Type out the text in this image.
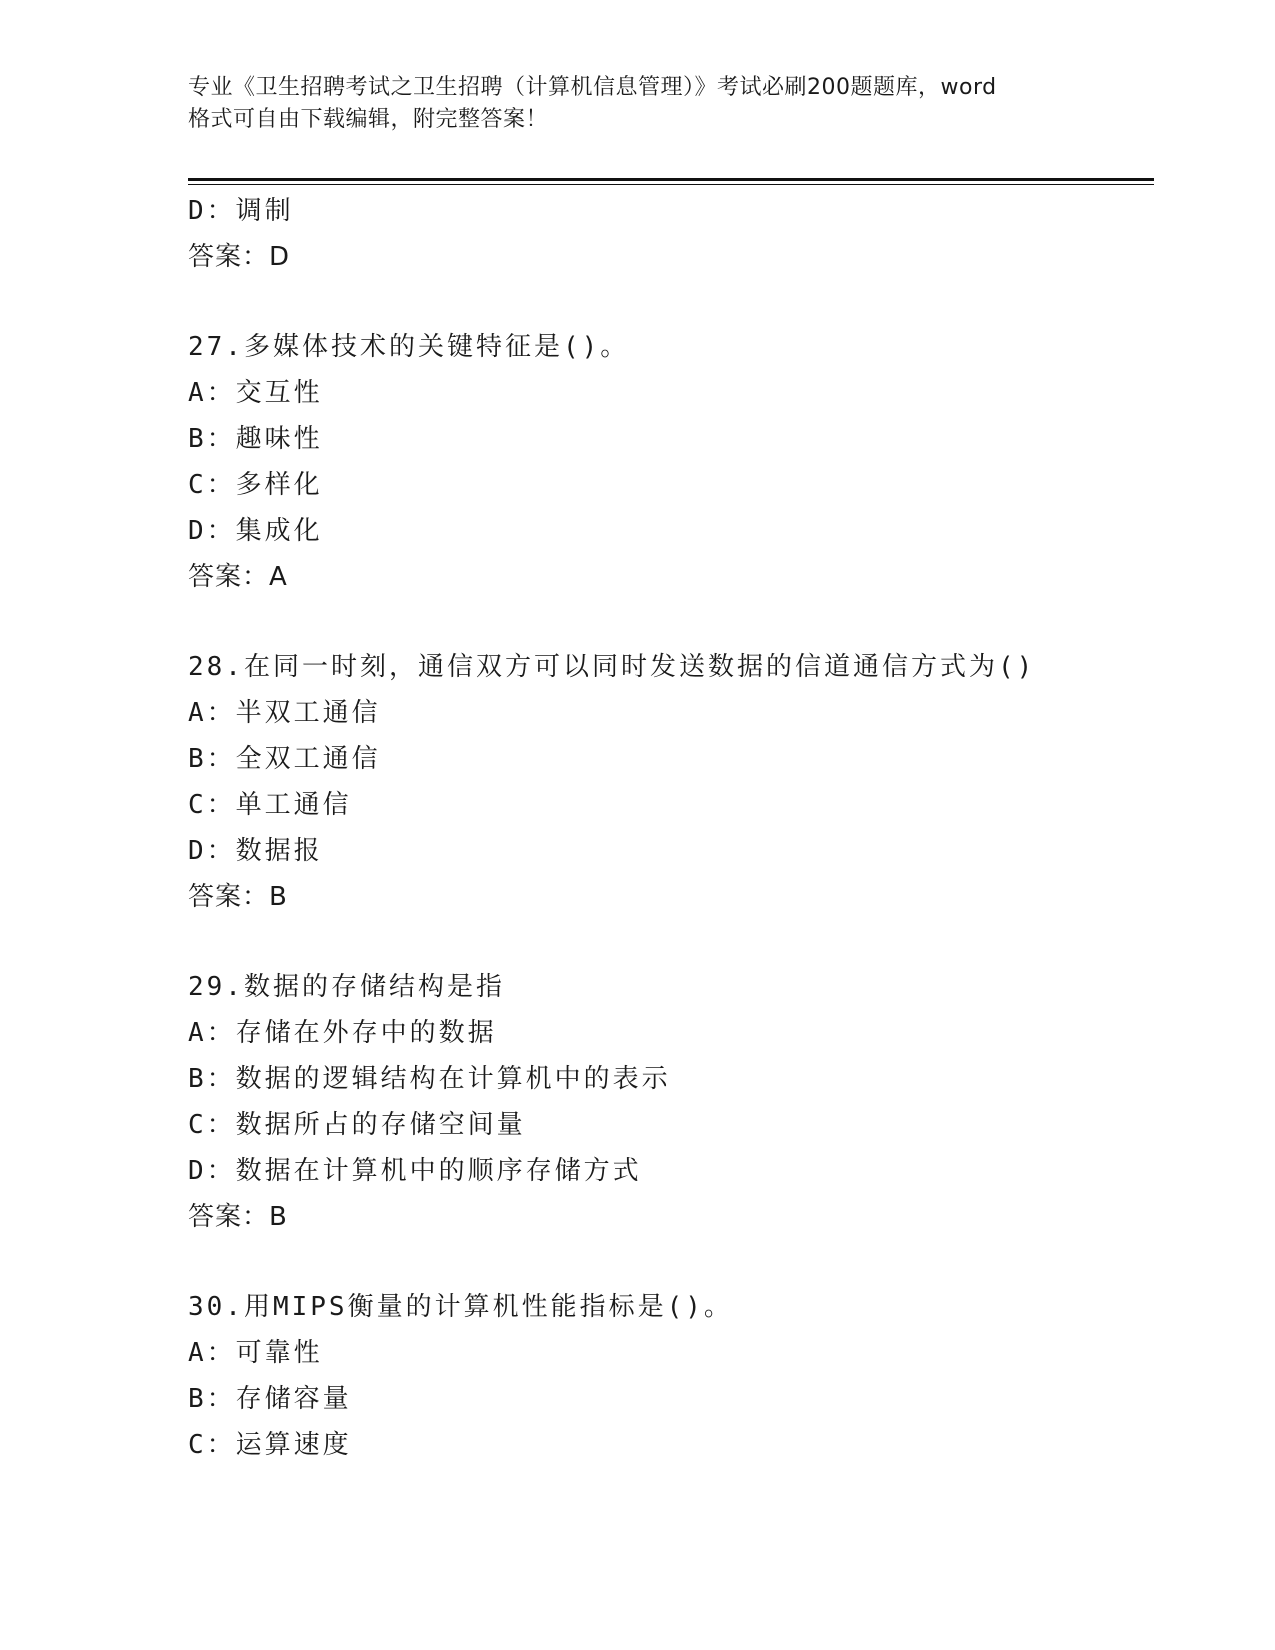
专业《卫生招聘考试之卫生招聘（计算机信息管理）》考试必刷200题题库，word
格式可自由下载编辑，附完整答案！
D：调制
答案：D
27.多媒体技术的关键特征是()。
A：交互性
B：趣味性
C：多样化
D：集成化
答案：A
28.在同一时刻，通信双方可以同时发送数据的信道通信方式为()
A：半双工通信
B：全双工通信
C：单工通信
D：数据报
答案：B
29.数据的存储结构是指
A：存储在外存中的数据
B：数据的逻辑结构在计算机中的表示
C：数据所占的存储空间量
D：数据在计算机中的顺序存储方式
答案：B
30.用MIPS衡量的计算机性能指标是()。
A：可靠性
B：存储容量
C：运算速度
